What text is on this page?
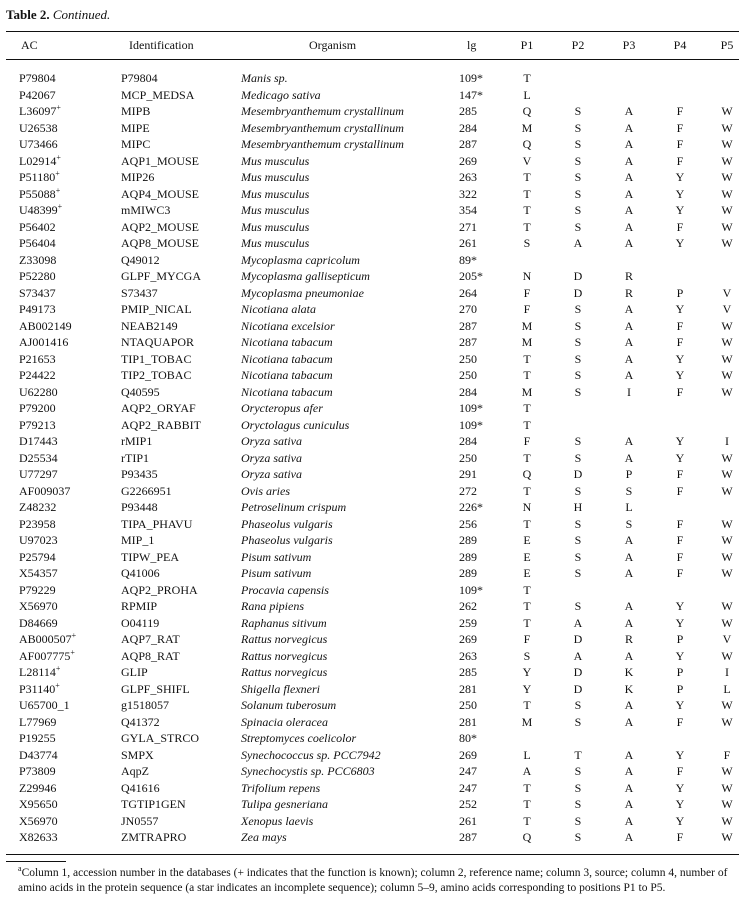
Table 2. Continued.
AC	Identification	Organism	lg	P1	P2	P3	P4	P5
P79804	P79804	Manis sp.	109*	T
P42067	MCP_MEDSA	Medicago sativa	147*	L
L36097+	MIPB	Mesembryanthemum crystallinum	285	Q	S	A	F	W
U26538	MIPE	Mesembryanthemum crystallinum	284	M	S	A	F	W
U73466	MIPC	Mesembryanthemum crystallinum	287	Q	S	A	F	W
L02914+	AQP1_MOUSE	Mus musculus	269	V	S	A	F	W
P51180+	MIP26	Mus musculus	263	T	S	A	Y	W
P55088+	AQP4_MOUSE	Mus musculus	322	T	S	A	Y	W
U48399+	mMIWC3	Mus musculus	354	T	S	A	Y	W
P56402	AQP2_MOUSE	Mus musculus	271	T	S	A	F	W
P56404	AQP8_MOUSE	Mus musculus	261	S	A	A	Y	W
Z33098	Q49012	Mycoplasma capricolum	89*
P52280	GLPF_MYCGA	Mycoplasma gallisepticum	205*	N	D	R
S73437	S73437	Mycoplasma pneumoniae	264	F	D	R	P	V
P49173	PMIP_NICAL	Nicotiana alata	270	F	S	A	Y	V
AB002149	NEAB2149	Nicotiana excelsior	287	M	S	A	F	W
AJ001416	NTAQUAPOR	Nicotiana tabacum	287	M	S	A	F	W
P21653	TIP1_TOBAC	Nicotiana tabacum	250	T	S	A	Y	W
P24422	TIP2_TOBAC	Nicotiana tabacum	250	T	S	A	Y	W
U62280	Q40595	Nicotiana tabacum	284	M	S	I	F	W
P79200	AQP2_ORYAF	Orycteropus afer	109*	T
P79213	AQP2_RABBIT	Oryctolagus cuniculus	109*	T
D17443	rMIP1	Oryza sativa	284	F	S	A	Y	I
D25534	rTIP1	Oryza sativa	250	T	S	A	Y	W
U77297	P93435	Oryza sativa	291	Q	D	P	F	W
AF009037	G2266951	Ovis aries	272	T	S	S	F	W
Z48232	P93448	Petroselinum crispum	226*	N	H	L
P23958	TIPA_PHAVU	Phaseolus vulgaris	256	T	S	S	F	W
U97023	MIP_1	Phaseolus vulgaris	289	E	S	A	F	W
P25794	TIPW_PEA	Pisum sativum	289	E	S	A	F	W
X54357	Q41006	Pisum sativum	289	E	S	A	F	W
P79229	AQP2_PROHA	Procavia capensis	109*	T
X56970	RPMIP	Rana pipiens	262	T	S	A	Y	W
D84669	O04119	Raphanus sitivum	259	T	A	A	Y	W
AB000507+	AQP7_RAT	Rattus norvegicus	269	F	D	R	P	V
AF007775+	AQP8_RAT	Rattus norvegicus	263	S	A	A	Y	W
L28114+	GLIP	Rattus norvegicus	285	Y	D	K	P	I
P31140+	GLPF_SHIFL	Shigella flexneri	281	Y	D	K	P	L
U65700_1	g1518057	Solanum tuberosum	250	T	S	A	Y	W
L77969	Q41372	Spinacia oleracea	281	M	S	A	F	W
P19255	GYLA_STRCO	Streptomyces coelicolor	80*
D43774	SMPX	Synechococcus sp. PCC7942	269	L	T	A	Y	F
P73809	AqpZ	Synechocystis sp. PCC6803	247	A	S	A	F	W
Z29946	Q41616	Trifolium repens	247	T	S	A	Y	W
X95650	TGTIP1GEN	Tulipa gesneriana	252	T	S	A	Y	W
X56970	JN0557	Xenopus laevis	261	T	S	A	Y	W
X82633	ZMTRAPRO	Zea mays	287	Q	S	A	F	W
$^a$Column 1, accession number in the databases (+ indicates that the function is known); column 2, reference name; column 3, source; column 4, number of amino acids in the protein sequence (a star indicates an incomplete sequence); column 5–9, amino acids corresponding to positions P1 to P5.
